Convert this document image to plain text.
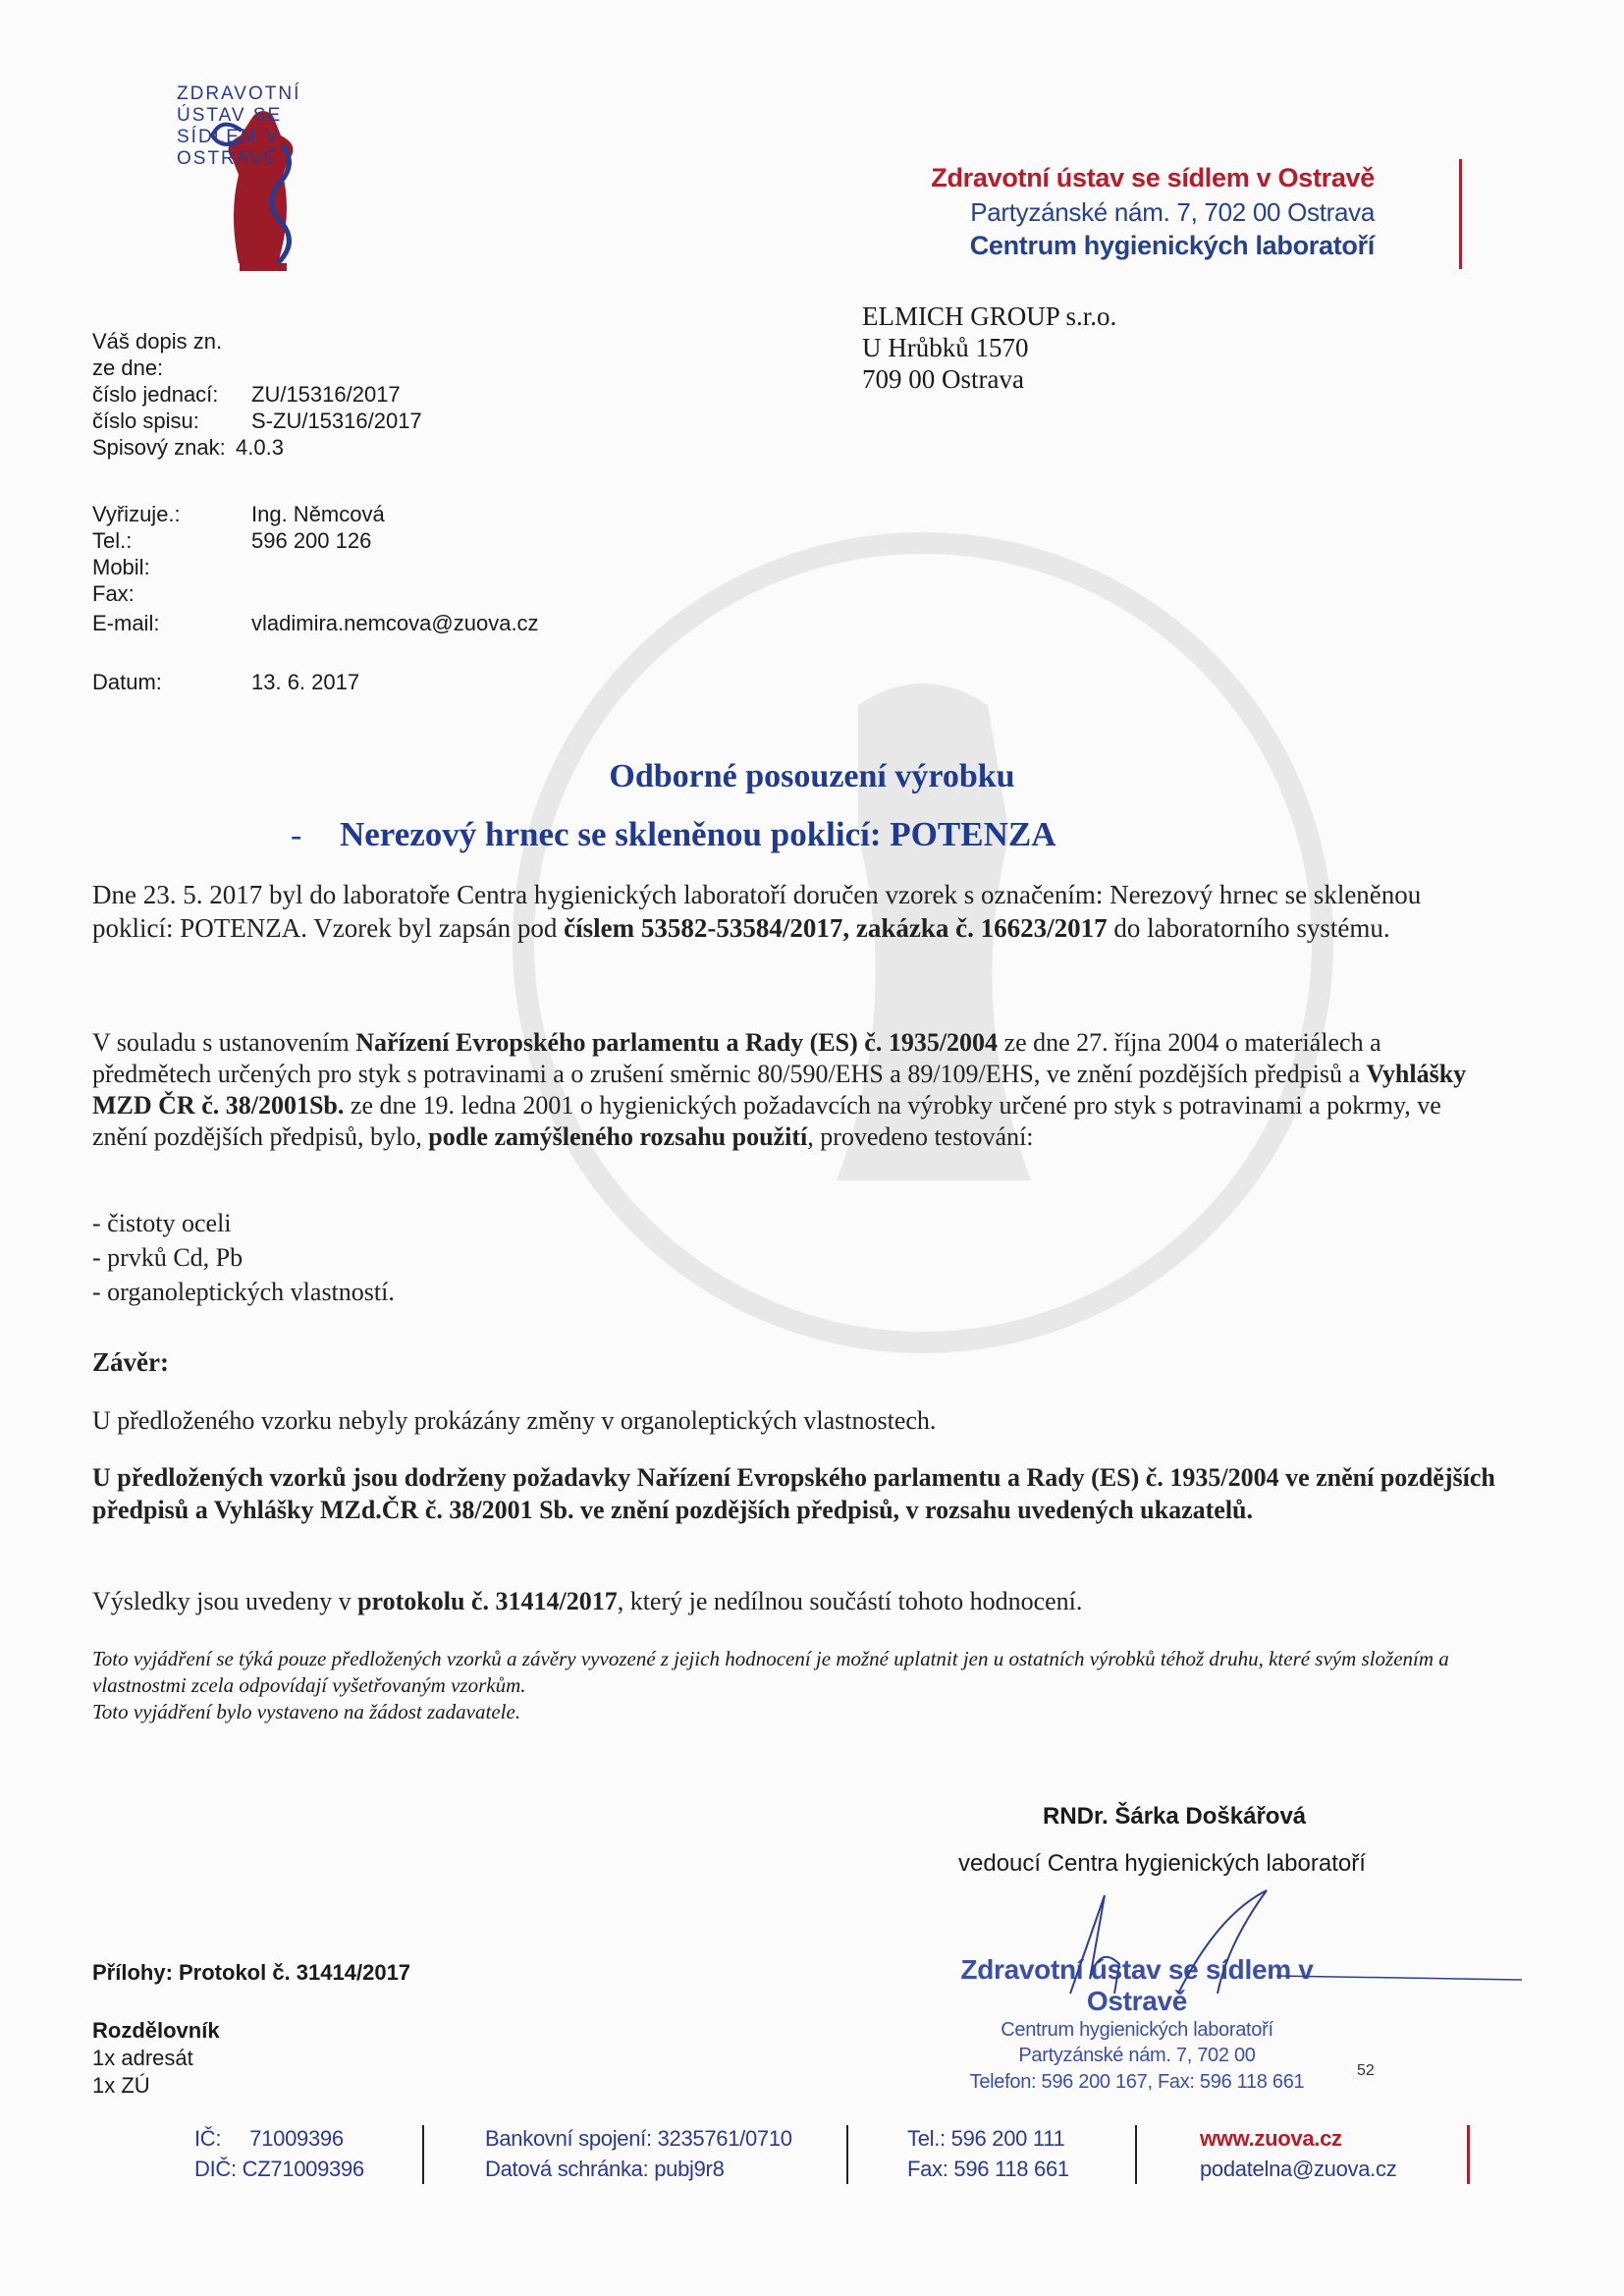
ZDRAVOTNÍ ÚSTAV SE SÍDLEM V OSTRAVĚ
Zdravotní ústav se sídlem v Ostravě
Partyzánské nám. 7, 702 00 Ostrava
Centrum hygienických laboratoří
ELMICH GROUP s.r.o.
U Hrůbků 1570
709 00 Ostrava
Váš dopis zn.
ze dne:
číslo jednací:	ZU/15316/2017
číslo spisu:	S-ZU/15316/2017
Spisový znak: 4.0.3
Vyřizuje.:	Ing. Němcová
Tel.:	596 200 126
Mobil:
Fax:
E-mail:	vladimira.nemcova@zuova.cz
Datum:	13. 6. 2017
Odborné posouzení výrobku
- Nerezový hrnec se skleněnou poklicí: POTENZA
Dne 23. 5. 2017 byl do laboratoře Centra hygienických laboratoří doručen vzorek s označením: Nerezový hrnec se skleněnou poklicí: POTENZA. Vzorek byl zapsán pod číslem 53582-53584/2017, zakázka č. 16623/2017 do laboratorního systému.
V souladu s ustanovením Nařízení Evropského parlamentu a Rady (ES) č. 1935/2004 ze dne 27. října 2004 o materiálech a předmětech určených pro styk s potravinami a o zrušení směrnic 80/590/EHS a 89/109/EHS, ve znění pozdějších předpisů a Vyhlášky MZD ČR č. 38/2001Sb. ze dne 19. ledna 2001 o hygienických požadavcích na výrobky určené pro styk s potravinami a pokrmy, ve znění pozdějších předpisů, bylo, podle zamýšleného rozsahu použití, provedeno testování:
- čistoty oceli
- prvků Cd, Pb
- organoleptických vlastností.
Závěr:
U předloženého vzorku nebyly prokázány změny v organoleptických vlastnostech.
U předložených vzorků jsou dodrženy požadavky Nařízení Evropského parlamentu a Rady (ES) č. 1935/2004 ve znění pozdějších předpisů a Vyhlášky MZd.ČR č. 38/2001 Sb. ve znění pozdějších předpisů, v rozsahu uvedených ukazatelů.
Výsledky jsou uvedeny v protokolu č. 31414/2017, který je nedílnou součástí tohoto hodnocení.
Toto vyjádření se týká pouze předložených vzorků a závěry vyvozené z jejich hodnocení je možné uplatnit jen u ostatních výrobků téhož druhu, které svým složením a vlastnostmi zcela odpovídají vyšetřovaným vzorkům.
Toto vyjádření bylo vystaveno na žádost zadavatele.
RNDr. Šárka Doškářová
vedoucí Centra hygienických laboratoří
Zdravotní ústav se sídlem v Ostravě
Centrum hygienických laboratoří
Partyzánské nám. 7, 702 00
Telefon: 596 200 167, Fax: 596 118 661
52
Přílohy: Protokol č. 31414/2017
Rozdělovník
1x adresát
1x ZÚ
IČ:     71009396
DIČ: CZ71009396
Bankovní spojení: 3235761/0710
Datová schránka: pubj9r8
Tel.: 596 200 111
Fax: 596 118 661
www.zuova.cz
podatelna@zuova.cz
